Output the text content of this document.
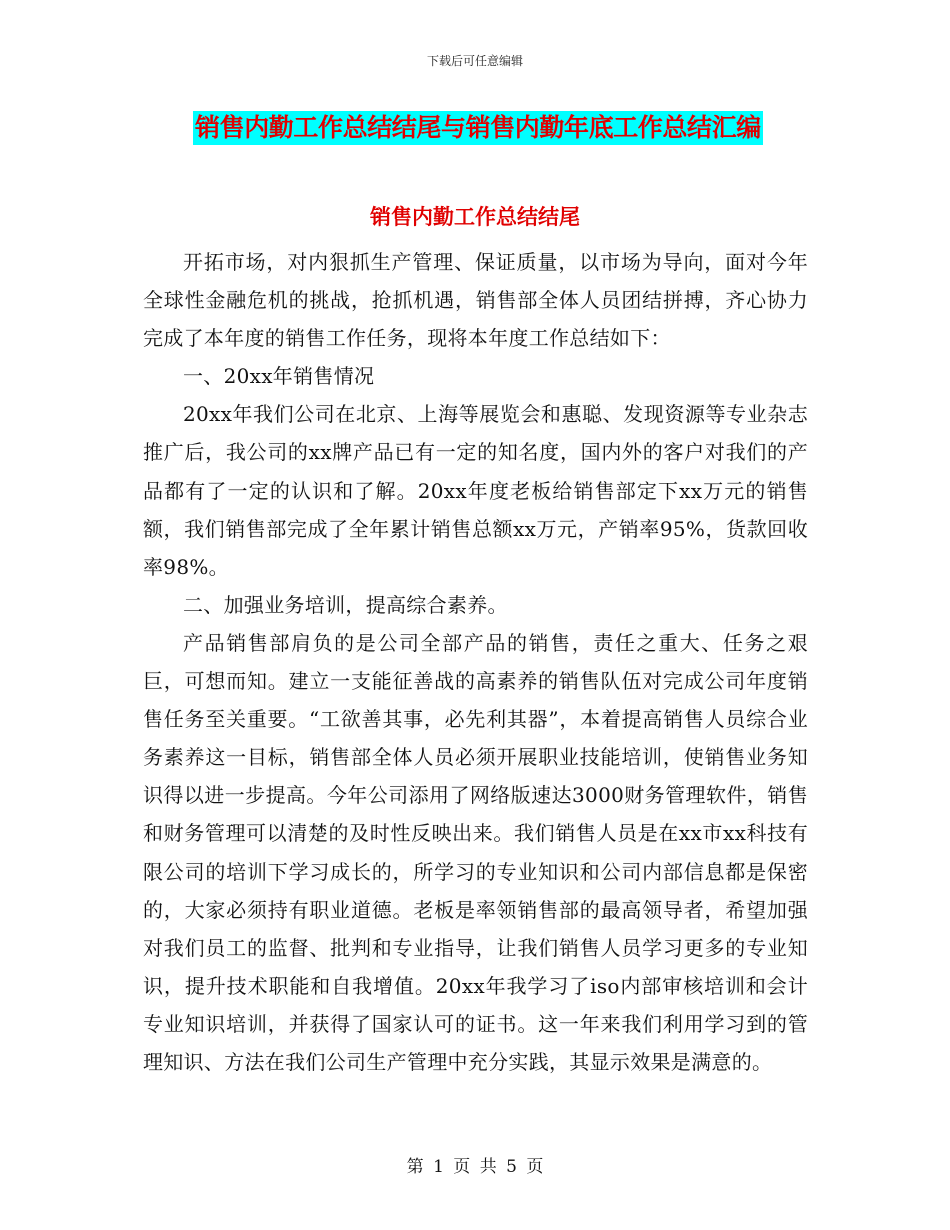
下载后可任意编辑
销售内勤工作总结结尾与销售内勤年底工作总结汇编
销售内勤工作总结结尾

开拓市场，对内狠抓生产管理、保证质量，以市场为导向，面对今年全球性金融危机的挑战，抢抓机遇，销售部全体人员团结拼搏，齐心协力完成了本年度的销售工作任务，现将本年度工作总结如下：

一、20xx年销售情况

20xx年我们公司在北京、上海等展览会和惠聪、发现资源等专业杂志推广后，我公司的xx牌产品已有一定的知名度，国内外的客户对我们的产品都有了一定的认识和了解。20xx年度老板给销售部定下xx万元的销售额，我们销售部完成了全年累计销售总额xx万元，产销率95%，货款回收率98%。

二、加强业务培训，提高综合素养。

产品销售部肩负的是公司全部产品的销售，责任之重大、任务之艰巨，可想而知。建立一支能征善战的高素养的销售队伍对完成公司年度销售任务至关重要。“工欲善其事，必先利其器”，本着提高销售人员综合业务素养这一目标，销售部全体人员必须开展职业技能培训，使销售业务知识得以进一步提高。今年公司添用了网络版速达3000财务管理软件，销售和财务管理可以清楚的及时性反映出来。我们销售人员是在xx市xx科技有限公司的培训下学习成长的，所学习的专业知识和公司内部信息都是保密的，大家必须持有职业道德。老板是率领销售部的最高领导者，希望加强对我们员工的监督、批判和专业指导，让我们销售人员学习更多的专业知识，提升技术职能和自我增值。20xx年我学习了iso内部审核培训和会计专业知识培训，并获得了国家认可的证书。这一年来我们利用学习到的管理知识、方法在我们公司生产管理中充分实践，其显示效果是满意的。

第 1 页 共 5 页
